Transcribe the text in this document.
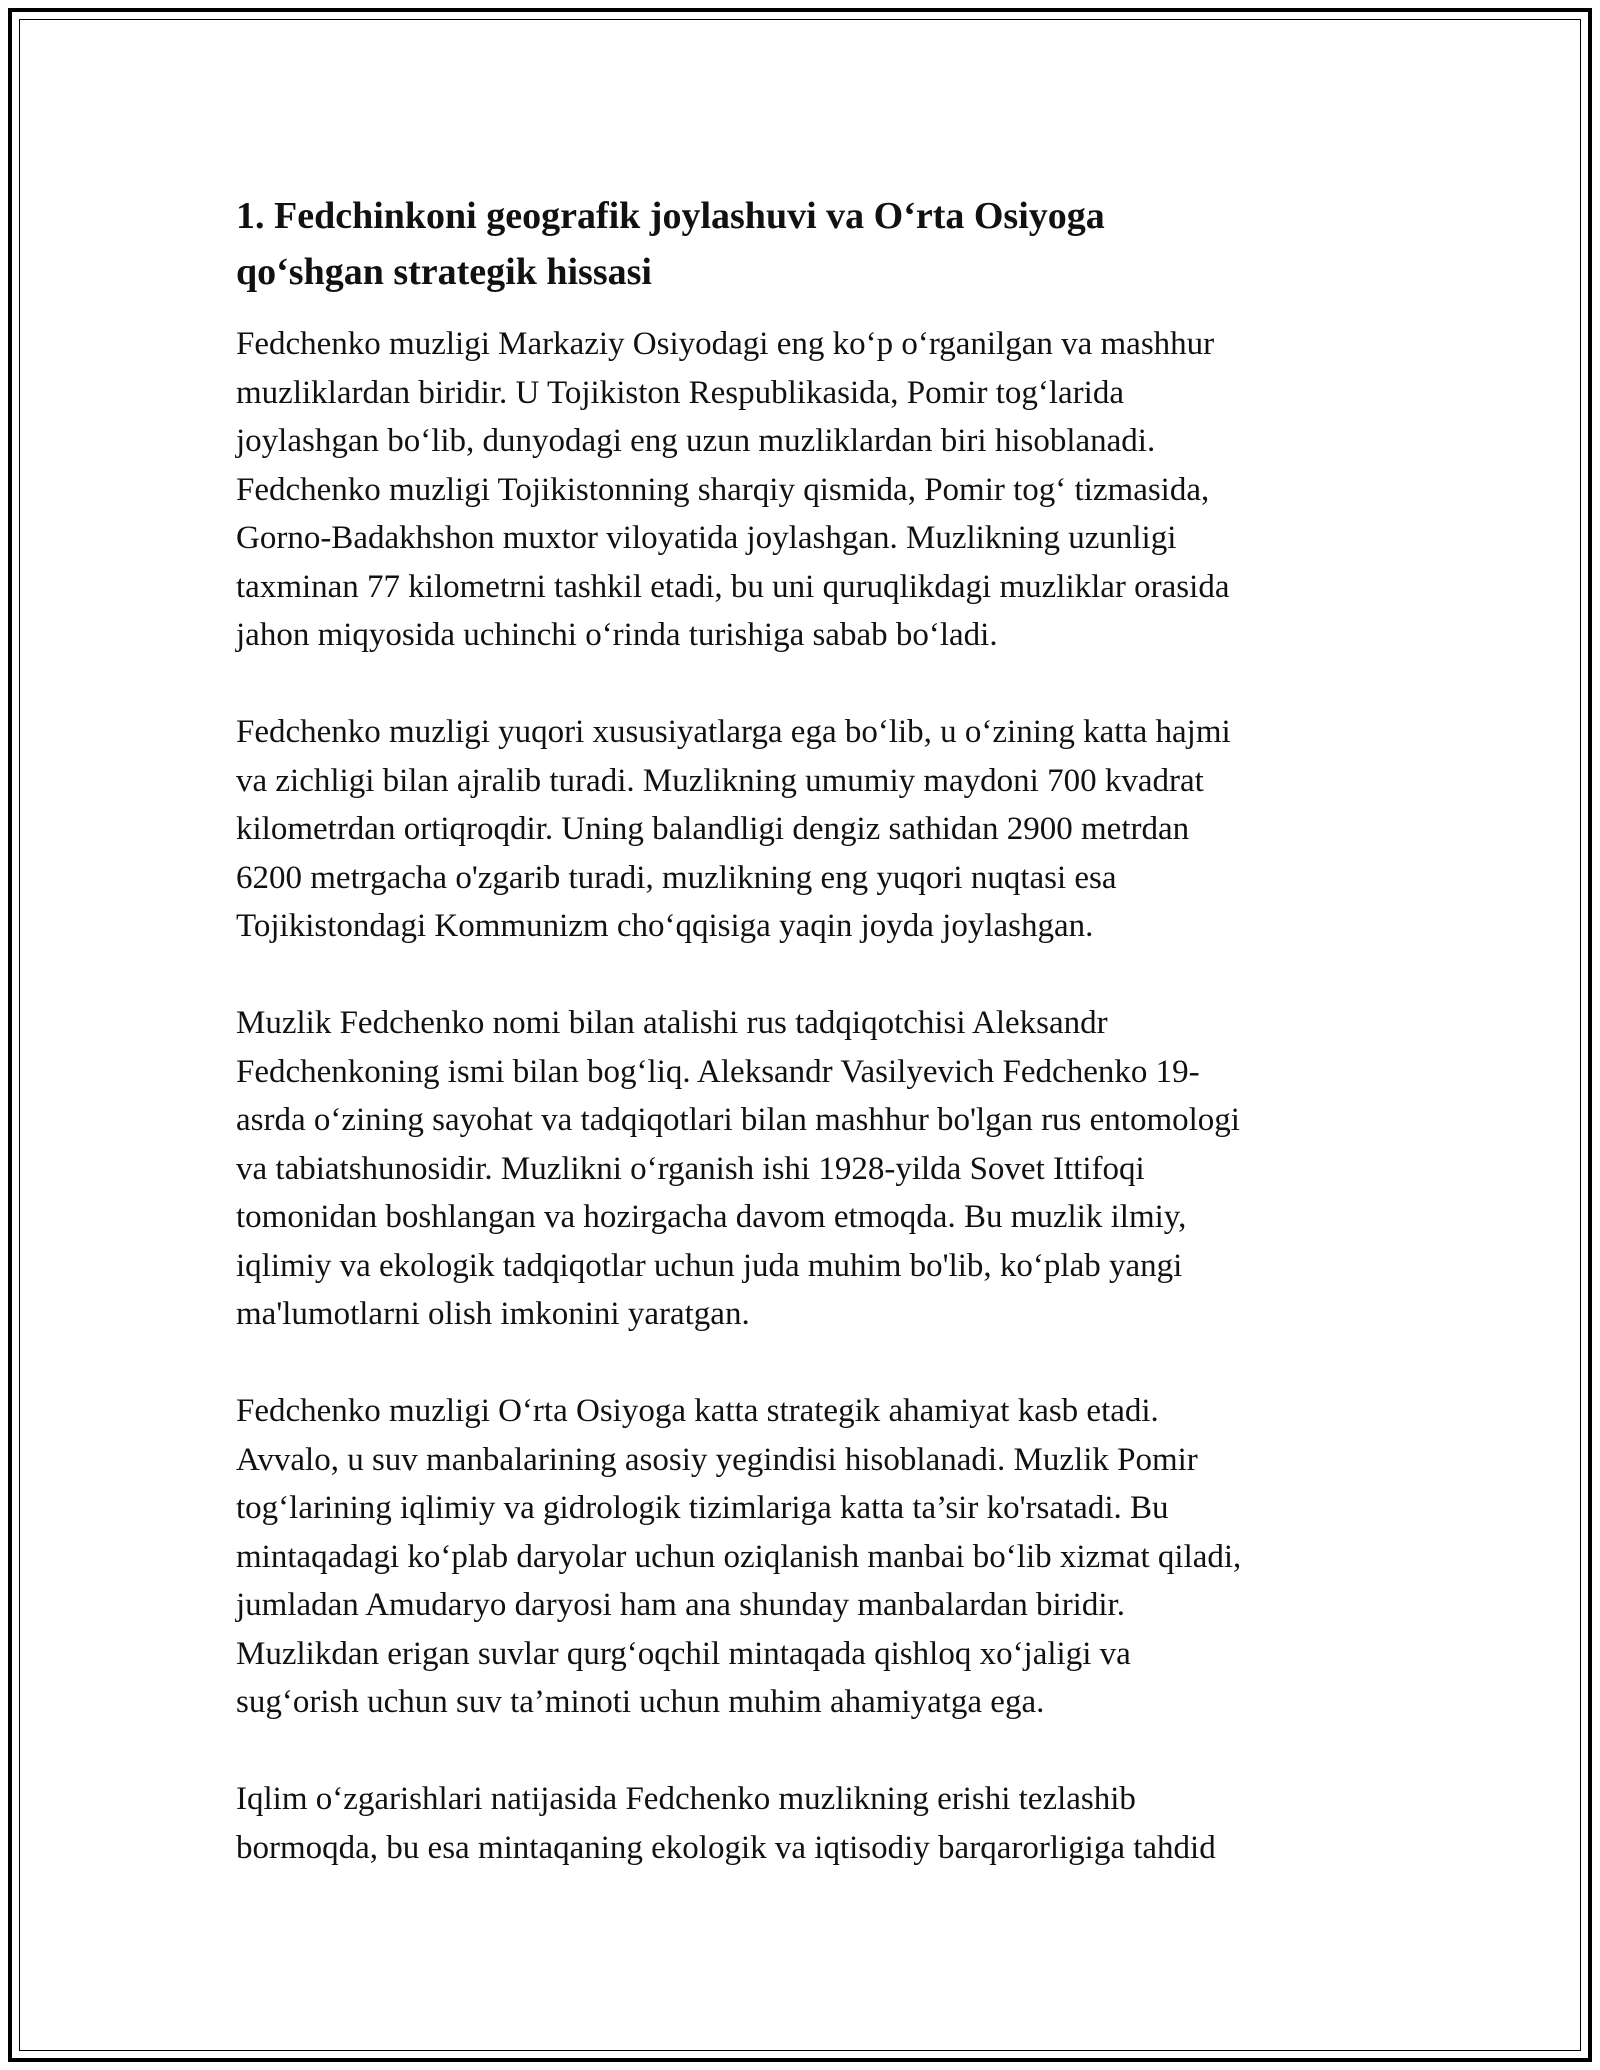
1. Fedchinkoni geografik joylashuvi va O‘rta Osiyoga
qo‘shgan strategik hissasi

Fedchenko muzligi Markaziy Osiyodagi eng ko‘p o‘rganilgan va mashhur
muzliklardan biridir. U Tojikiston Respublikasida, Pomir tog‘larida
joylashgan bo‘lib, dunyodagi eng uzun muzliklardan biri hisoblanadi.
Fedchenko muzligi Tojikistonning sharqiy qismida, Pomir tog‘ tizmasida,
Gorno-Badakhshon muxtor viloyatida joylashgan. Muzlikning uzunligi
taxminan 77 kilometrni tashkil etadi, bu uni quruqlikdagi muzliklar orasida
jahon miqyosida uchinchi o‘rinda turishiga sabab bo‘ladi.

Fedchenko muzligi yuqori xususiyatlarga ega bo‘lib, u o‘zining katta hajmi
va zichligi bilan ajralib turadi. Muzlikning umumiy maydoni 700 kvadrat
kilometrdan ortiqroqdir. Uning balandligi dengiz sathidan 2900 metrdan
6200 metrgacha o'zgarib turadi, muzlikning eng yuqori nuqtasi esa
Tojikistondagi Kommunizm cho‘qqisiga yaqin joyda joylashgan.

Muzlik Fedchenko nomi bilan atalishi rus tadqiqotchisi Aleksandr
Fedchenkoning ismi bilan bog‘liq. Aleksandr Vasilyevich Fedchenko 19-
asrda o‘zining sayohat va tadqiqotlari bilan mashhur bo'lgan rus entomologi
va tabiatshunosidir. Muzlikni o‘rganish ishi 1928-yilda Sovet Ittifoqi
tomonidan boshlangan va hozirgacha davom etmoqda. Bu muzlik ilmiy,
iqlimiy va ekologik tadqiqotlar uchun juda muhim bo'lib, ko‘plab yangi
ma'lumotlarni olish imkonini yaratgan.

Fedchenko muzligi O‘rta Osiyoga katta strategik ahamiyat kasb etadi.
Avvalo, u suv manbalarining asosiy yegindisi hisoblanadi. Muzlik Pomir
tog‘larining iqlimiy va gidrologik tizimlariga katta ta’sir ko'rsatadi. Bu
mintaqadagi ko‘plab daryolar uchun oziqlanish manbai bo‘lib xizmat qiladi,
jumladan Amudaryo daryosi ham ana shunday manbalardan biridir.
Muzlikdan erigan suvlar qurg‘oqchil mintaqada qishloq xo‘jaligi va
sug‘orish uchun suv ta’minoti uchun muhim ahamiyatga ega.

Iqlim o‘zgarishlari natijasida Fedchenko muzlikning erishi tezlashib
bormoqda, bu esa mintaqaning ekologik va iqtisodiy barqarorligiga tahdid
